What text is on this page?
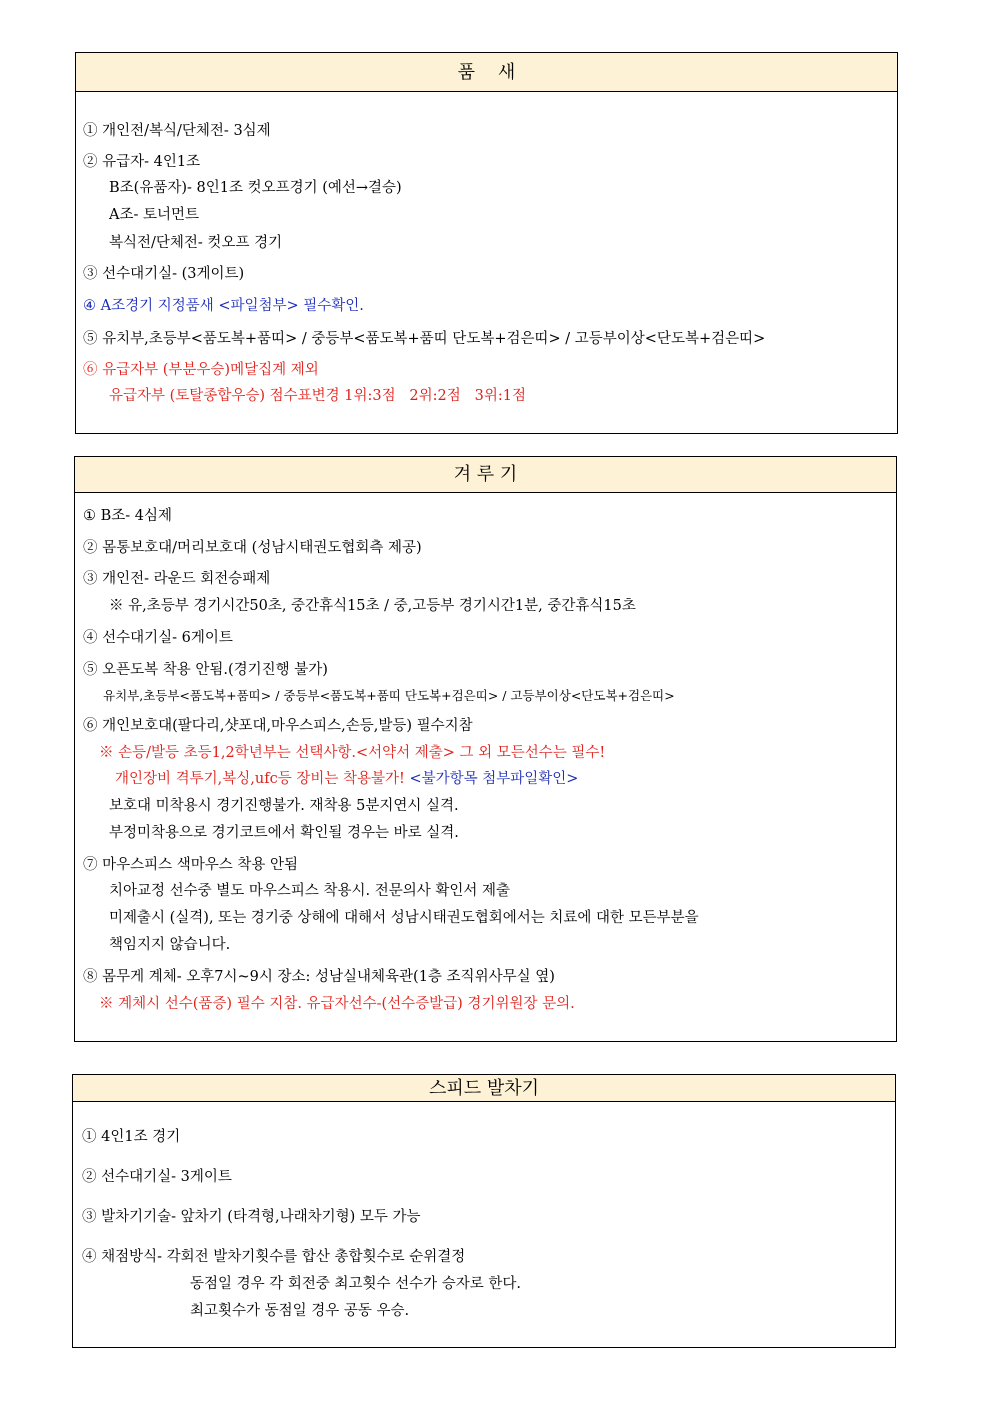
품    새
① 개인전/복식/단체전- 3심제
② 유급자- 4인1조
B조(유품자)- 8인1조 컷오프경기 (예선→결승)
A조- 토너먼트
복식전/단체전- 컷오프 경기
③ 선수대기실- (3게이트)
④ A조경기 지정품새 <파일첨부> 필수확인.
⑤ 유치부,초등부<품도복+품띠> / 중등부<품도복+품띠 단도복+검은띠> / 고등부이상<단도복+검은띠>
⑥ 유급자부 (부분우승)메달집계 제외
유급자부 (토탈종합우승) 점수표변경 1위:3점   2위:2점   3위:1점
겨 루 기
① B조- 4심제
② 몸통보호대/머리보호대 (성남시태권도협회측 제공)
③ 개인전- 라운드 회전승패제
※ 유,초등부 경기시간50초, 중간휴식15초 / 중,고등부 경기시간1분, 중간휴식15초
④ 선수대기실- 6게이트
⑤ 오픈도복 착용 안됨.(경기진행 불가)
유치부,초등부<품도복+품띠> / 중등부<품도복+품띠 단도복+검은띠> / 고등부이상<단도복+검은띠>
⑥ 개인보호대(팔다리,샷포대,마우스피스,손등,발등) 필수지참
※ 손등/발등 초등1,2학년부는 선택사항.<서약서 제출> 그 외 모든선수는 필수!
개인장비 격투기,복싱,ufc등 장비는 착용불가! <불가항목 첨부파일확인>
보호대 미착용시 경기진행불가. 재착용 5분지연시 실격.
부정미착용으로 경기코트에서 확인될 경우는 바로 실격.
⑦ 마우스피스 색마우스 착용 안됨
치아교정 선수중 별도 마우스피스 착용시. 전문의사 확인서 제출
미제출시 (실격), 또는 경기중 상해에 대해서 성남시태권도협회에서는 치료에 대한 모든부분을
책임지지 않습니다.
⑧ 몸무게 계체- 오후7시~9시 장소: 성남실내체육관(1층 조직위사무실 옆)
※ 계체시 선수(품증) 필수 지참. 유급자선수-(선수증발급) 경기위원장 문의.
스피드 발차기
① 4인1조 경기
② 선수대기실- 3게이트
③ 발차기기술- 앞차기 (타격형,나래차기형) 모두 가능
④ 채점방식- 각회전 발차기횟수를 합산 총합횟수로 순위결정
동점일 경우 각 회전중 최고횟수 선수가 승자로 한다.
최고횟수가 동점일 경우 공동 우승.
